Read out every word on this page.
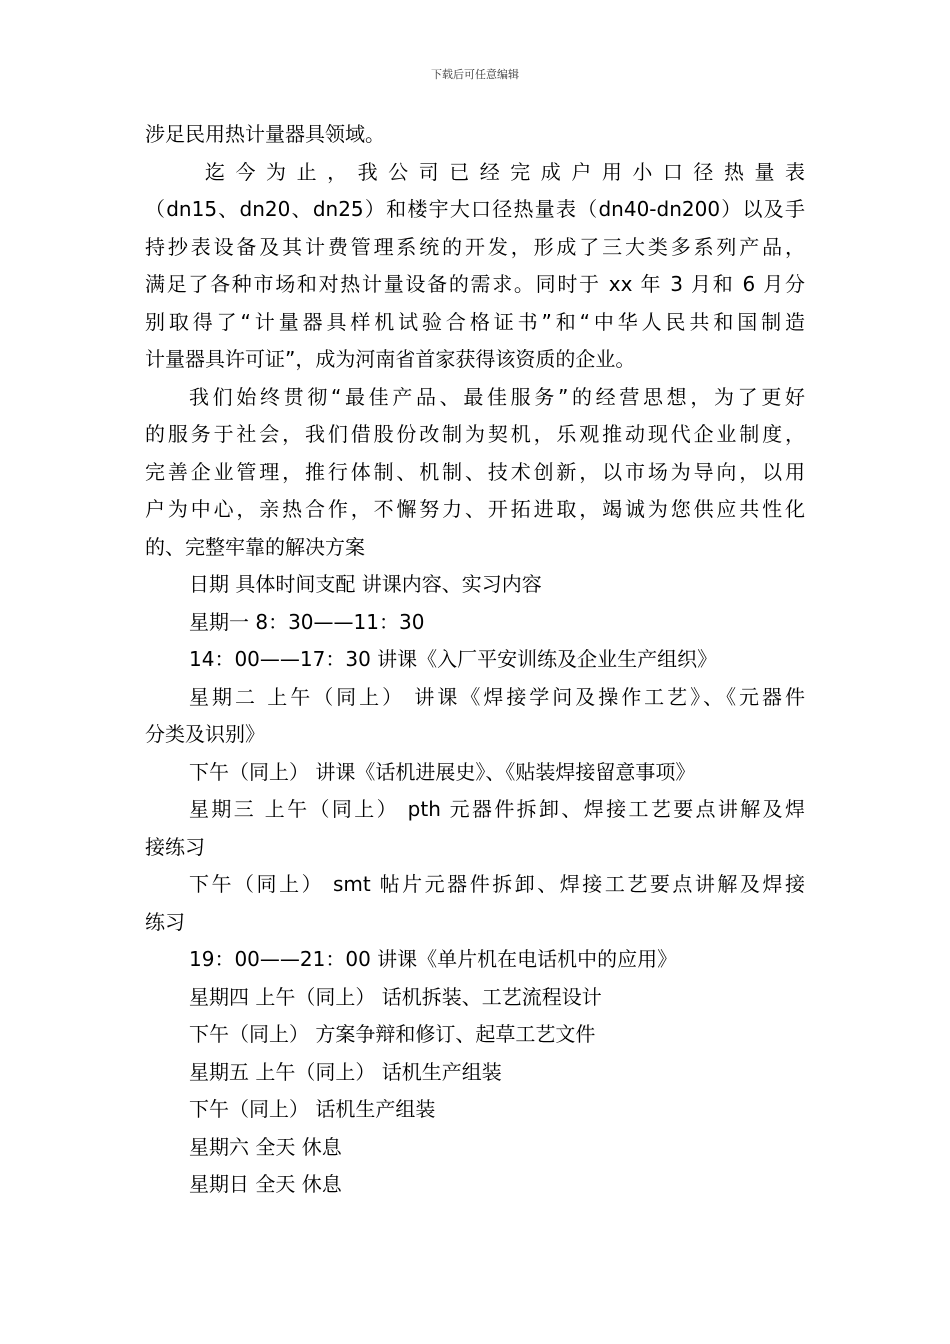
下载后可任意编辑
涉足民用热计量器具领域。
迄今为止，我公司已经完成户用小口径热量表
（dn15、dn20、dn25）和楼宇大口径热量表（dn40-dn200）以及手
持抄表设备及其计费管理系统的开发，形成了三大类多系列产品，
满足了各种市场和对热计量设备的需求。同时于 xx 年 3 月和 6 月分
别取得了“计量器具样机试验合格证书”和“中华人民共和国制造
计量器具许可证”，成为河南省首家获得该资质的企业。
我们始终贯彻“最佳产品、最佳服务”的经营思想，为了更好
的服务于社会，我们借股份改制为契机，乐观推动现代企业制度，
完善企业管理，推行体制、机制、技术创新，以市场为导向，以用
户为中心，亲热合作，不懈努力、开拓进取，竭诚为您供应共性化
的、完整牢靠的解决方案
日期 具体时间支配 讲课内容、实习内容
星期一 8：30——11：30
14：00——17：30 讲课《入厂平安训练及企业生产组织》
星期二 上午（同上） 讲课《焊接学问及操作工艺》、《元器件
分类及识别》
下午（同上） 讲课《话机进展史》、《贴装焊接留意事项》
星期三 上午（同上） pth 元器件拆卸、焊接工艺要点讲解及焊
接练习
下午（同上） smt 帖片元器件拆卸、焊接工艺要点讲解及焊接
练习
19：00——21：00 讲课《单片机在电话机中的应用》
星期四 上午（同上） 话机拆装、工艺流程设计
下午（同上） 方案争辩和修订、起草工艺文件
星期五 上午（同上） 话机生产组装
下午（同上） 话机生产组装
星期六 全天 休息
星期日 全天 休息
